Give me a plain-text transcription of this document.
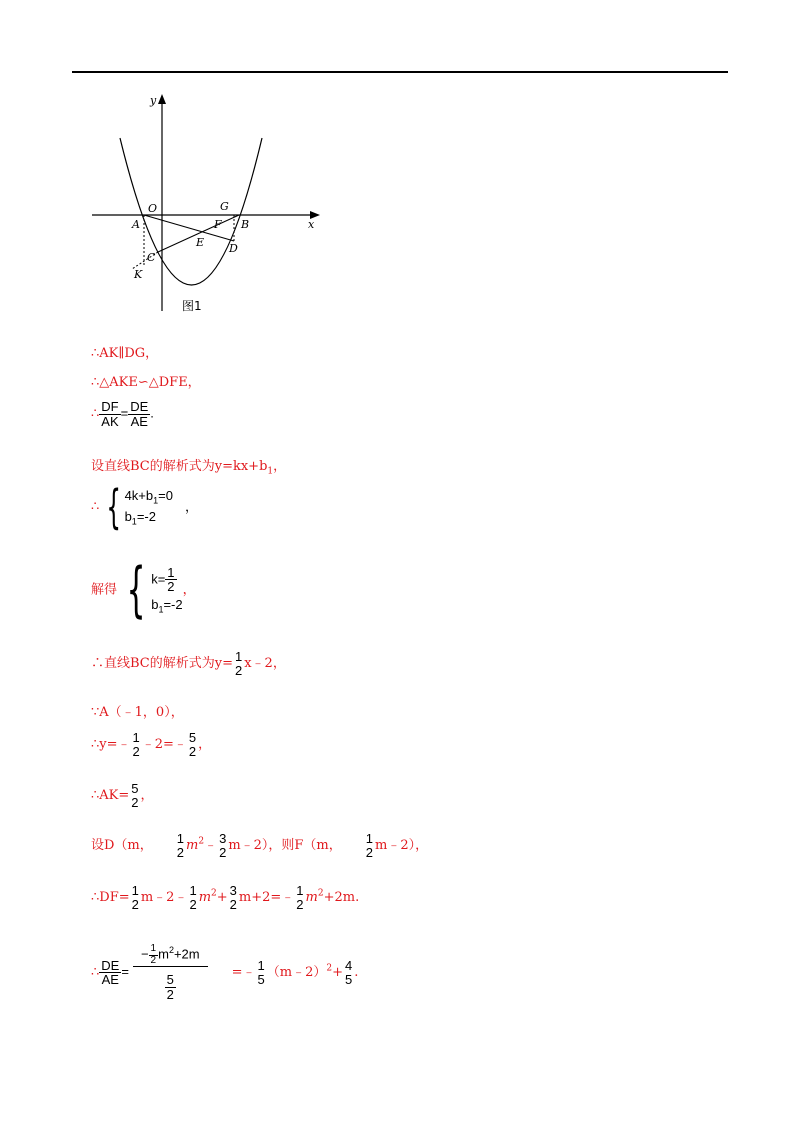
y
x
O	G
A	F B
E D
C
K
图1
∴AK∥DG，
∴△AKE∽△DFE，
∴ $\frac{DF}{AK} = \frac{DE}{AE}$ .
设直线BC的解析式为$y=kx+b_1$，
∴ { $4k+b_1=0$
$b_1=-2$
，
解得 { $k= \frac{1}{2}$
$b_1=-2$
，
∴直线BC的解析式为y= 1
2 x﹣2，
∵A（﹣1，0），
∴y=﹣ 1
2 ﹣2=﹣ 5
2 ，
∴AK= 5
2 ，
设D（m， 1
2 $m^2﹣$ 3
2 m﹣2），则F（m， 1
2 m﹣2），
∴DF= 1
2 m﹣2﹣ 1
2 $m^2+ 3$
2 m+2=﹣ 1
2 $m^2+2m$.
∴ $\frac{DE}{AE} = \frac{- \frac{1}{2} m^2+2m}{\frac{5}{2}}$ =﹣ 1
5 （m﹣2）$^2$+ 4
5 .
